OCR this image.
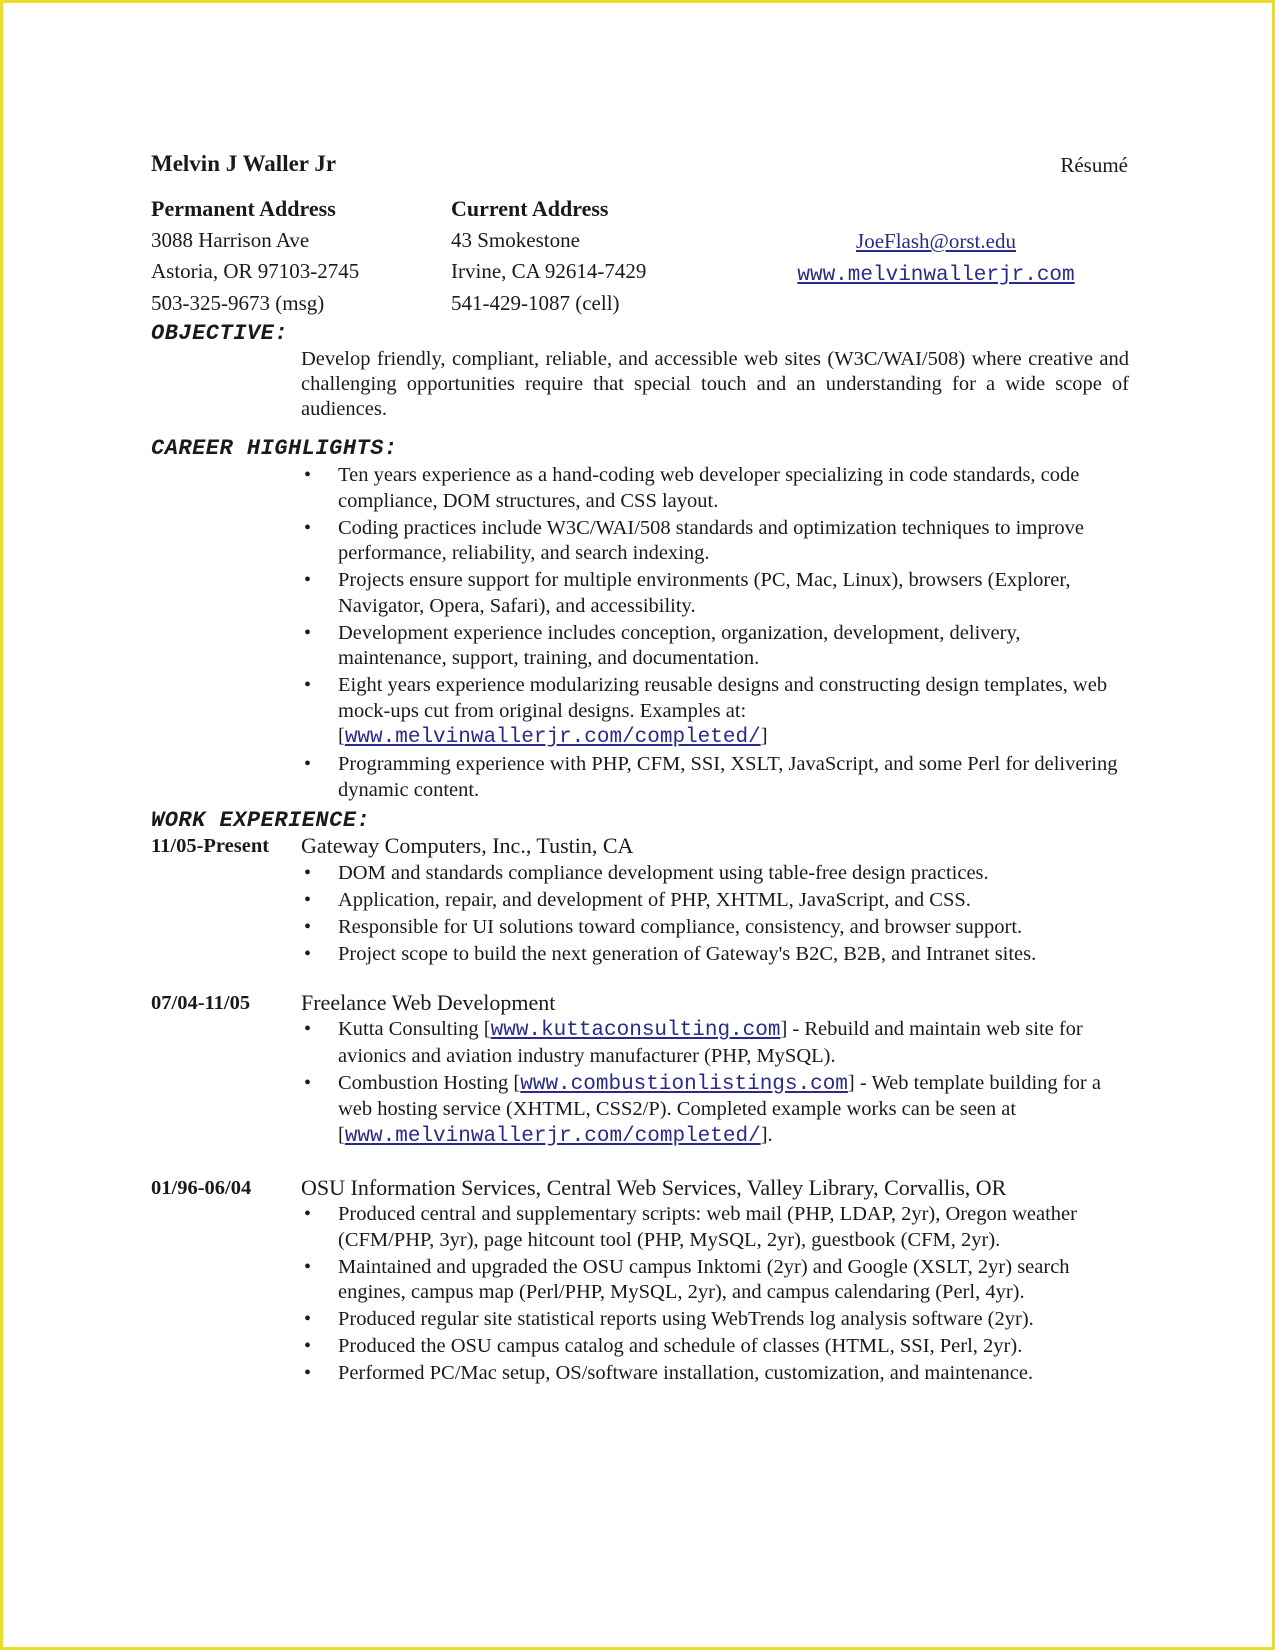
Melvin J Waller Jr	Résumé
Permanent Address
3088 Harrison Ave
Astoria, OR 97103-2745
503-325-9673 (msg)
Current Address
43 Smokestone
Irvine, CA 92614-7429
541-429-1087 (cell)
JoeFlash@orst.edu
www.melvinwallerjr.com
OBJECTIVE:
Develop friendly, compliant, reliable, and accessible web sites (W3C/WAI/508) where creative and challenging opportunities require that special touch and an understanding for a wide scope of audiences.
CAREER HIGHLIGHTS:
• Ten years experience as a hand-coding web developer specializing in code standards, code compliance, DOM structures, and CSS layout.
• Coding practices include W3C/WAI/508 standards and optimization techniques to improve performance, reliability, and search indexing.
• Projects ensure support for multiple environments (PC, Mac, Linux), browsers (Explorer, Navigator, Opera, Safari), and accessibility.
• Development experience includes conception, organization, development, delivery, maintenance, support, training, and documentation.
• Eight years experience modularizing reusable designs and constructing design templates, web mock-ups cut from original designs. Examples at:
[www.melvinwallerjr.com/completed/]
• Programming experience with PHP, CFM, SSI, XSLT, JavaScript, and some Perl for delivering dynamic content.
WORK EXPERIENCE:
11/05-Present Gateway Computers, Inc., Tustin, CA
• DOM and standards compliance development using table-free design practices.
• Application, repair, and development of PHP, XHTML, JavaScript, and CSS.
• Responsible for UI solutions toward compliance, consistency, and browser support.
• Project scope to build the next generation of Gateway's B2C, B2B, and Intranet sites.
07/04-11/05 Freelance Web Development
• Kutta Consulting [www.kuttaconsulting.com] - Rebuild and maintain web site for avionics and aviation industry manufacturer (PHP, MySQL).
• Combustion Hosting [www.combustionlistings.com] - Web template building for a web hosting service (XHTML, CSS2/P). Completed example works can be seen at [www.melvinwallerjr.com/completed/].
01/96-06/04 OSU Information Services, Central Web Services, Valley Library, Corvallis, OR
• Produced central and supplementary scripts: web mail (PHP, LDAP, 2yr), Oregon weather (CFM/PHP, 3yr), page hitcount tool (PHP, MySQL, 2yr), guestbook (CFM, 2yr).
• Maintained and upgraded the OSU campus Inktomi (2yr) and Google (XSLT, 2yr) search engines, campus map (Perl/PHP, MySQL, 2yr), and campus calendaring (Perl, 4yr).
• Produced regular site statistical reports using WebTrends log analysis software (2yr).
• Produced the OSU campus catalog and schedule of classes (HTML, SSI, Perl, 2yr).
• Performed PC/Mac setup, OS/software installation, customization, and maintenance.
